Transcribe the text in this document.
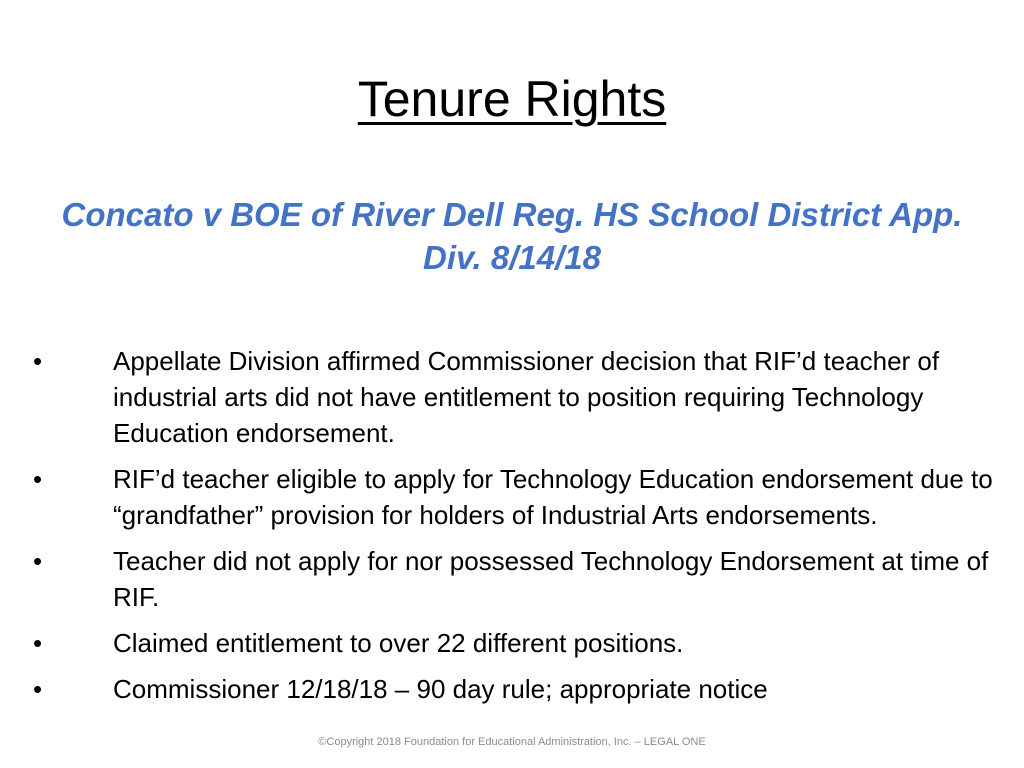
Tenure Rights
Concato v BOE of River Dell Reg. HS School District App. Div. 8/14/18
•	Appellate Division affirmed Commissioner decision that RIF’d teacher of industrial arts did not have entitlement to position requiring Technology Education endorsement.
•	RIF’d teacher eligible to apply for Technology Education endorsement due to “grandfather” provision for holders of Industrial Arts endorsements.
•	Teacher did not apply for nor possessed Technology Endorsement at time of RIF.
•	Claimed entitlement to over 22 different positions.
•	Commissioner 12/18/18 – 90 day rule; appropriate notice
©Copyright 2018 Foundation for Educational Administration, Inc. – LEGAL ONE
